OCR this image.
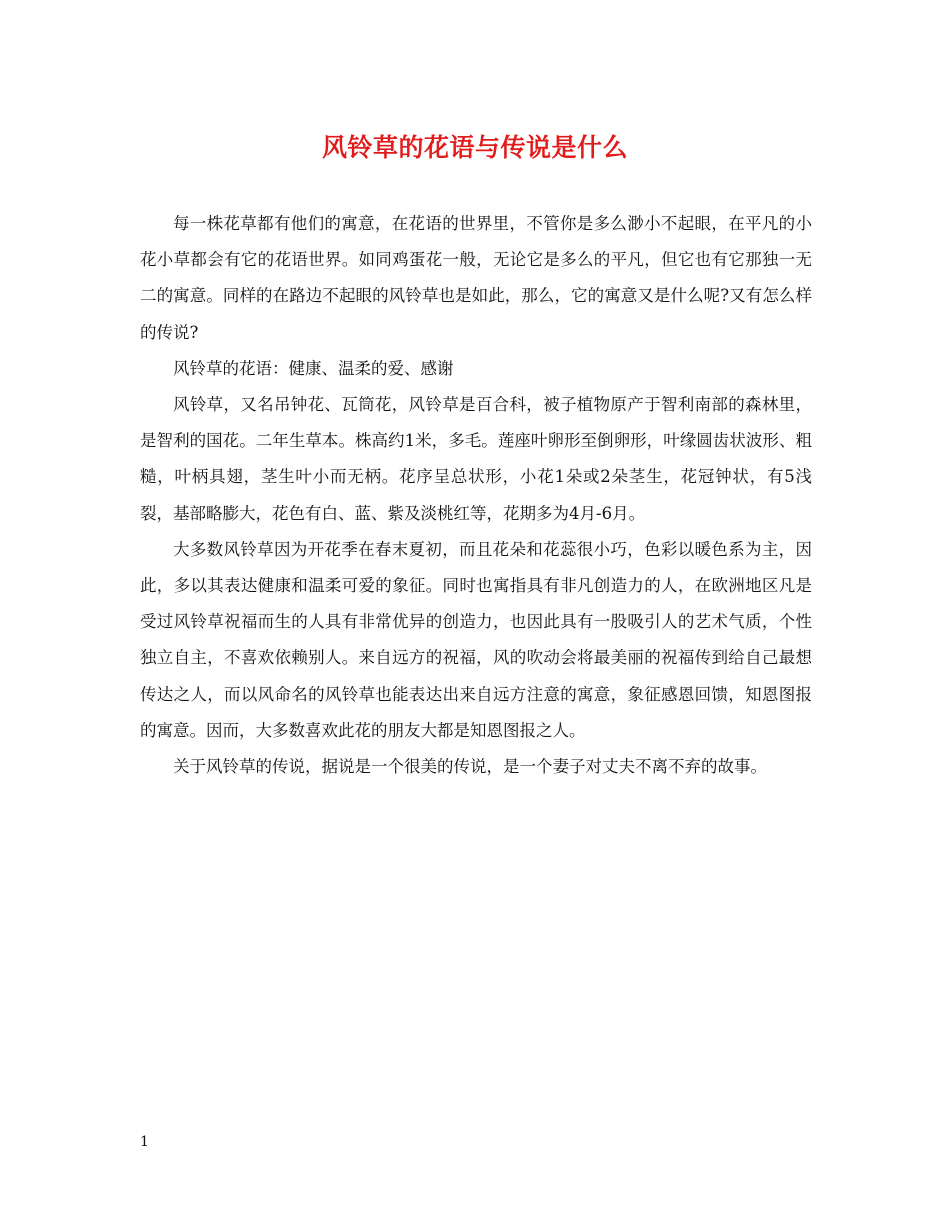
风铃草的花语与传说是什么

每一株花草都有他们的寓意，在花语的世界里，不管你是多么渺小不起眼，在平凡的小花小草都会有它的花语世界。如同鸡蛋花一般，无论它是多么的平凡，但它也有它那独一无二的寓意。同样的在路边不起眼的风铃草也是如此，那么，它的寓意又是什么呢?又有怎么样的传说?

风铃草的花语：健康、温柔的爱、感谢

风铃草，又名吊钟花、瓦筒花，风铃草是百合科，被子植物原产于智利南部的森林里，是智利的国花。二年生草本。株高约1米，多毛。莲座叶卵形至倒卵形，叶缘圆齿状波形、粗糙，叶柄具翅，茎生叶小而无柄。花序呈总状形，小花1朵或2朵茎生，花冠钟状，有5浅裂，基部略膨大，花色有白、蓝、紫及淡桃红等，花期多为4月-6月。

大多数风铃草因为开花季在春末夏初，而且花朵和花蕊很小巧，色彩以暖色系为主，因此，多以其表达健康和温柔可爱的象征。同时也寓指具有非凡创造力的人，在欧洲地区凡是受过风铃草祝福而生的人具有非常优异的创造力，也因此具有一股吸引人的艺术气质，个性独立自主，不喜欢依赖别人。来自远方的祝福，风的吹动会将最美丽的祝福传到给自己最想传达之人，而以风命名的风铃草也能表达出来自远方注意的寓意，象征感恩回馈，知恩图报的寓意。因而，大多数喜欢此花的朋友大都是知恩图报之人。

关于风铃草的传说，据说是一个很美的传说，是一个妻子对丈夫不离不弃的故事。

1
